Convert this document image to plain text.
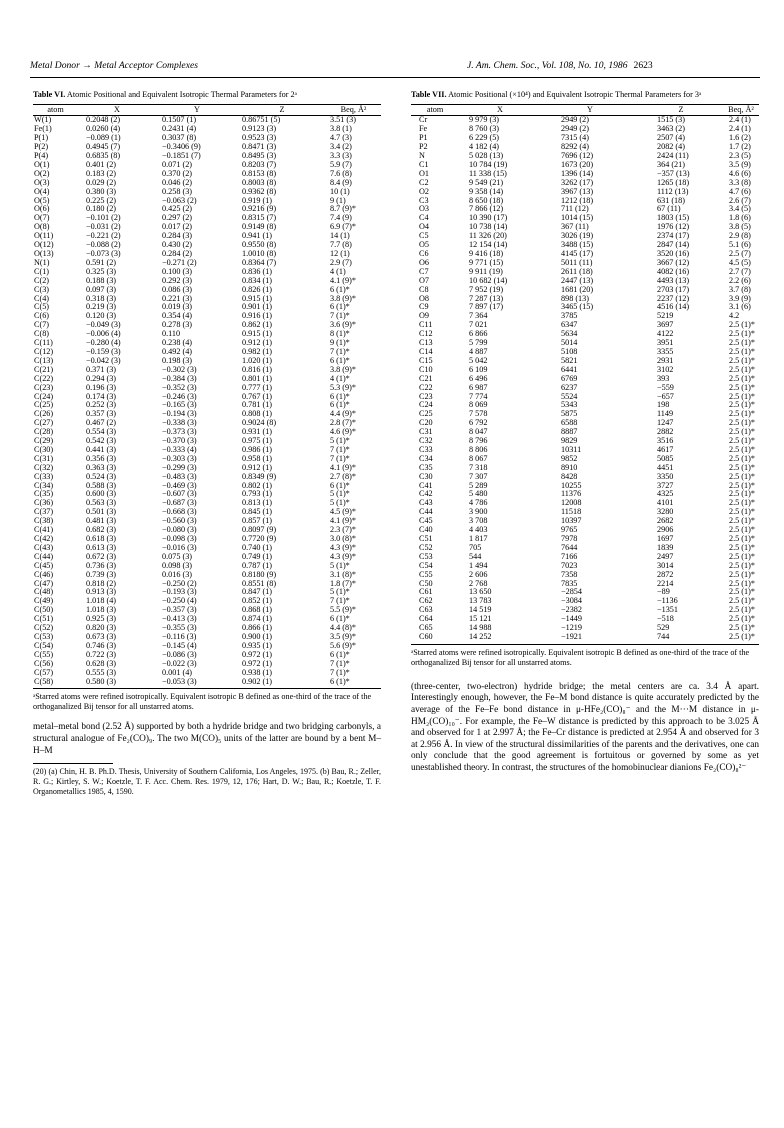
Metal Donor → Metal Acceptor Complexes	J. Am. Chem. Soc., Vol. 108, No. 10, 1986 2623
Table VI. Atomic Positional and Equivalent Isotropic Thermal Parameters for 2ᵃ
atom	X	Y	Z	Beq, Å²
W(1)	0.2048 (2)	0.1507 (1)	0.86751 (5)	3.51 (3)
Fe(1)	0.0260 (4)	0.2431 (4)	0.9123 (3)	3.8 (1)
P(1)	−0.089 (1)	0.3037 (8)	0.9523 (3)	4.7 (3)
P(2)	0.4945 (7)	−0.3406 (9)	0.8471 (3)	3.4 (2)
P(4)	0.6835 (8)	−0.1851 (7)	0.8495 (3)	3.3 (3)
O(1)	0.401 (2)	0.071 (2)	0.8203 (7)	5.9 (7)
O(2)	0.183 (2)	0.370 (2)	0.8153 (8)	7.6 (8)
O(3)	0.029 (2)	0.046 (2)	0.8003 (8)	8.4 (9)
O(4)	0.380 (3)	0.258 (3)	0.9362 (8)	10 (1)
O(5)	0.225 (2)	−0.063 (2)	0.919 (1)	9 (1)
O(6)	0.180 (2)	0.425 (2)	0.9216 (9)	8.7 (9)*
O(7)	−0.101 (2)	0.297 (2)	0.8315 (7)	7.4 (9)
O(8)	−0.031 (2)	0.017 (2)	0.9149 (8)	6.9 (7)*
O(11)	−0.221 (2)	0.284 (3)	0.941 (1)	14 (1)
O(12)	−0.088 (2)	0.430 (2)	0.9550 (8)	7.7 (8)
O(13)	−0.073 (3)	0.284 (2)	1.0010 (8)	12 (1)
N(1)	0.591 (2)	−0.271 (2)	0.8364 (7)	2.9 (7)
C(1)	0.325 (3)	0.100 (3)	0.836 (1)	4 (1)
C(2)	0.188 (3)	0.292 (3)	0.834 (1)	4.1 (9)*
C(3)	0.097 (3)	0.086 (3)	0.826 (1)	6 (1)*
C(4)	0.318 (3)	0.221 (3)	0.915 (1)	3.8 (9)*
C(5)	0.219 (3)	0.019 (3)	0.901 (1)	6 (1)*
C(6)	0.120 (3)	0.354 (4)	0.916 (1)	7 (1)*
C(7)	−0.049 (3)	0.278 (3)	0.862 (1)	3.6 (9)*
C(8)	−0.006 (4)	0.110	0.915 (1)	8 (1)*
C(11)	−0.280 (4)	0.238 (4)	0.912 (1)	9 (1)*
C(12)	−0.159 (3)	0.492 (4)	0.982 (1)	7 (1)*
C(13)	−0.042 (3)	0.198 (3)	1.020 (1)	6 (1)*
C(21)	0.371 (3)	−0.302 (3)	0.816 (1)	3.8 (9)*
C(22)	0.294 (3)	−0.384 (3)	0.801 (1)	4 (1)*
C(23)	0.196 (3)	−0.352 (3)	0.777 (1)	5.3 (9)*
C(24)	0.174 (3)	−0.246 (3)	0.767 (1)	6 (1)*
C(25)	0.252 (3)	−0.165 (3)	0.781 (1)	6 (1)*
C(26)	0.357 (3)	−0.194 (3)	0.808 (1)	4.4 (9)*
C(27)	0.467 (2)	−0.338 (3)	0.9024 (8)	2.8 (7)*
C(28)	0.554 (3)	−0.373 (3)	0.931 (1)	4.6 (9)*
C(29)	0.542 (3)	−0.370 (3)	0.975 (1)	5 (1)*
C(30)	0.441 (3)	−0.333 (4)	0.986 (1)	7 (1)*
C(31)	0.356 (3)	−0.303 (3)	0.958 (1)	7 (1)*
C(32)	0.363 (3)	−0.299 (3)	0.912 (1)	4.1 (9)*
C(33)	0.524 (3)	−0.483 (3)	0.8349 (9)	2.7 (8)*
C(34)	0.588 (3)	−0.469 (3)	0.802 (1)	6 (1)*
C(35)	0.600 (3)	−0.607 (3)	0.793 (1)	5 (1)*
C(36)	0.563 (3)	−0.687 (3)	0.813 (1)	5 (1)*
C(37)	0.501 (3)	−0.668 (3)	0.845 (1)	4.5 (9)*
C(38)	0.481 (3)	−0.560 (3)	0.857 (1)	4.1 (9)*
C(41)	0.682 (3)	−0.080 (3)	0.8097 (9)	2.3 (7)*
C(42)	0.618 (3)	−0.098 (3)	0.7720 (9)	3.0 (8)*
C(43)	0.613 (3)	−0.016 (3)	0.740 (1)	4.3 (9)*
C(44)	0.672 (3)	0.075 (3)	0.749 (1)	4.3 (9)*
C(45)	0.736 (3)	0.098 (3)	0.787 (1)	5 (1)*
C(46)	0.739 (3)	0.016 (3)	0.8180 (9)	3.1 (8)*
C(47)	0.818 (2)	−0.250 (2)	0.8551 (8)	1.8 (7)*
C(48)	0.913 (3)	−0.193 (3)	0.847 (1)	5 (1)*
C(49)	1.018 (4)	−0.250 (4)	0.852 (1)	7 (1)*
C(50)	1.018 (3)	−0.357 (3)	0.868 (1)	5.5 (9)*
C(51)	0.925 (3)	−0.413 (3)	0.874 (1)	6 (1)*
C(52)	0.820 (3)	−0.355 (3)	0.866 (1)	4.4 (8)*
C(53)	0.673 (3)	−0.116 (3)	0.900 (1)	3.5 (9)*
C(54)	0.746 (3)	−0.145 (4)	0.935 (1)	5.6 (9)*
C(55)	0.722 (3)	−0.086 (3)	0.972 (1)	6 (1)*
C(56)	0.628 (3)	−0.022 (3)	0.972 (1)	7 (1)*
C(57)	0.555 (3)	0.001 (4)	0.938 (1)	7 (1)*
C(58)	0.580 (3)	−0.053 (3)	0.902 (1)	6 (1)*
ᵃStarred atoms were refined isotropically. Equivalent isotropic B defined as one-third of the trace of the orthoganalized Bij tensor for all unstarred atoms.
metal–metal bond (2.52 Å) supported by both a hydride bridge and two bridging carbonyls, a structural analogue of Fe₂(CO)₉. The two M(CO)₅ units of the latter are bound by a bent M–H–M
(20) (a) Chin, H. B. Ph.D. Thesis, University of Southern California, Los Angeles, 1975. (b) Bau, R.; Zeller, R. G.; Kirtley, S. W.; Koetzle, T. F. Acc. Chem. Res. 1979, 12, 176; Hart, D. W.; Bau, R.; Koetzle, T. F. Organometallics 1985, 4, 1590.
Table VII. Atomic Positional (×10⁴) and Equivalent Isotropic Thermal Parameters for 3ᵃ
atom	X	Y	Z	Beq, Å²
Cr	9 979 (3)	2949 (2)	1515 (3)	2.4 (1)
Fe	8 760 (3)	2949 (2)	3463 (2)	2.4 (1)
P1	6 229 (5)	7315 (4)	2507 (4)	1.6 (2)
P2	4 182 (4)	8292 (4)	2082 (4)	1.7 (2)
N	5 028 (13)	7696 (12)	2424 (11)	2.3 (5)
C1	10 784 (19)	1673 (20)	364 (21)	3.5 (9)
O1	11 338 (15)	1396 (14)	−357 (13)	4.6 (6)
C2	9 549 (21)	3262 (17)	1265 (18)	3.3 (8)
O2	9 358 (14)	3967 (13)	1112 (13)	4.7 (6)
C3	8 650 (18)	1212 (18)	631 (18)	2.6 (7)
O3	7 866 (12)	711 (12)	67 (11)	3.4 (5)
C4	10 390 (17)	1014 (15)	1803 (15)	1.8 (6)
O4	10 738 (14)	367 (11)	1976 (12)	3.8 (5)
C5	11 326 (20)	3026 (19)	2374 (17)	2.9 (8)
O5	12 154 (14)	3488 (15)	2847 (14)	5.1 (6)
C6	9 416 (18)	4145 (17)	3520 (16)	2.5 (7)
O6	9 771 (15)	5011 (11)	3667 (12)	4.5 (5)
C7	9 911 (19)	2611 (18)	4082 (16)	2.7 (7)
O7	10 682 (14)	2447 (13)	4493 (13)	2.2 (6)
C8	7 952 (19)	1681 (20)	2703 (17)	3.7 (8)
O8	7 287 (13)	898 (13)	2237 (12)	3.9 (9)
C9	7 897 (17)	3465 (15)	4516 (14)	3.1 (6)
O9	7 364	3785	5219	4.2
C11	7 021	6347	3697	2.5 (1)*
C12	6 866	5634	4122	2.5 (1)*
C13	5 799	5014	3951	2.5 (1)*
C14	4 887	5108	3355	2.5 (1)*
C15	5 042	5821	2931	2.5 (1)*
C10	6 109	6441	3102	2.5 (1)*
C21	6 496	6769	393	2.5 (1)*
C22	6 987	6237	−559	2.5 (1)*
C23	7 774	5524	−657	2.5 (1)*
C24	8 069	5343	198	2.5 (1)*
C25	7 578	5875	1149	2.5 (1)*
C20	6 792	6588	1247	2.5 (1)*
C31	8 047	8887	2882	2.5 (1)*
C32	8 796	9829	3516	2.5 (1)*
C33	8 806	10311	4617	2.5 (1)*
C34	8 067	9852	5085	2.5 (1)*
C35	7 318	8910	4451	2.5 (1)*
C30	7 307	8428	3350	2.5 (1)*
C41	5 289	10255	3727	2.5 (1)*
C42	5 480	11376	4325	2.5 (1)*
C43	4 786	12008	4101	2.5 (1)*
C44	3 900	11518	3280	2.5 (1)*
C45	3 708	10397	2682	2.5 (1)*
C40	4 403	9765	2906	2.5 (1)*
C51	1 817	7978	1697	2.5 (1)*
C52	705	7644	1839	2.5 (1)*
C53	544	7166	2497	2.5 (1)*
C54	1 494	7023	3014	2.5 (1)*
C55	2 606	7358	2872	2.5 (1)*
C50	2 768	7835	2214	2.5 (1)*
C61	13 650	−2854	−89	2.5 (1)*
C62	13 783	−3084	−1136	2.5 (1)*
C63	14 519	−2382	−1351	2.5 (1)*
C64	15 121	−1449	−518	2.5 (1)*
C65	14 988	−1219	529	2.5 (1)*
C60	14 252	−1921	744	2.5 (1)*
ᵃStarred atoms were refined isotropically. Equivalent isotropic B defined as one-third of the trace of the orthoganalized Bij tensor for all unstarred atoms.
(three-center, two-electron) hydride bridge; the metal centers are ca. 3.4 Å apart. Interestingly enough, however, the Fe–M bond distance is quite accurately predicted by the average of the Fe–Fe bond distance in μ-HFe₂(CO)₈⁻ and the M···M distance in μ-HM₂(CO)₁₀⁻. For example, the Fe–W distance is predicted by this approach to be 3.025 Å and observed for 1 at 2.997 Å; the Fe–Cr distance is predicted at 2.954 Å and observed for 3 at 2.956 Å. In view of the structural dissimilarities of the parents and the derivatives, one can only conclude that the good agreement is fortuitous or governed by some as yet unestablished theory. In contrast, the structures of the homobinuclear dianions Fe₂(CO)₈²⁻
